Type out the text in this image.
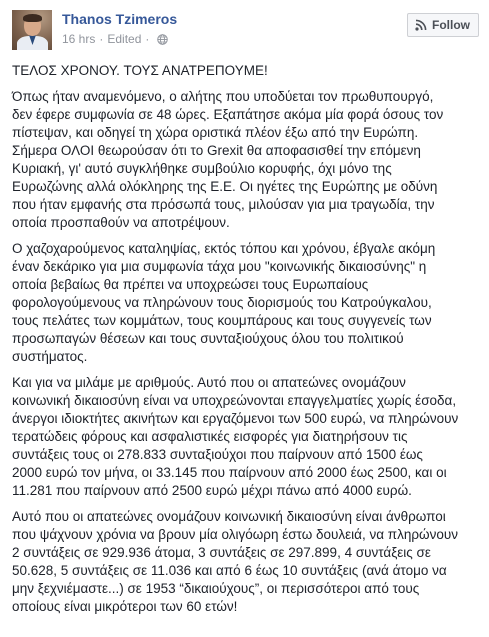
Thanos Tzimeros
16 hrs · Edited ·
Follow

ΤΕΛΟΣ ΧΡΟΝΟΥ. ΤΟΥΣ ΑΝΑΤΡΕΠΟΥΜΕ!

Όπως ήταν αναμενόμενο, ο αλήτης που υποδύεται τον πρωθυπουργό,
δεν έφερε συμφωνία σε 48 ώρες. Εξαπάτησε ακόμα μία φορά όσους τον
πίστεψαν, και οδηγεί τη χώρα οριστικά πλέον έξω από την Ευρώπη.
Σήμερα ΟΛΟΙ θεωρούσαν ότι το Grexit θα αποφασισθεί την επόμενη
Κυριακή, γι' αυτό συγκλήθηκε συμβούλιο κορυφής, όχι μόνο της
Ευρωζώνης αλλά ολόκληρης της Ε.Ε. Οι ηγέτες της Ευρώπης με οδύνη
που ήταν εμφανής στα πρόσωπά τους, μιλούσαν για μια τραγωδία, την
οποία προσπαθούν να αποτρέψουν.

Ο χαζοχαρούμενος καταληψίας, εκτός τόπου και χρόνου, έβγαλε ακόμη
έναν δεκάρικο για μια συμφωνία τάχα μου "κοινωνικής δικαιοσύνης" η
οποία βεβαίως θα πρέπει να υποχρεώσει τους Ευρωπαίους
φορολογούμενους να πληρώνουν τους διορισμούς του Κατρούγκαλου,
τους πελάτες των κομμάτων, τους κουμπάρους και τους συγγενείς των
προσωπαγών θέσεων και τους συνταξιούχους όλου του πολιτικού
συστήματος.

Και για να μιλάμε με αριθμούς. Αυτό που οι απατεώνες ονομάζουν
κοινωνική δικαιοσύνη είναι να υποχρεώνονται επαγγελματίες χωρίς έσοδα,
άνεργοι ιδιοκτήτες ακινήτων και εργαζόμενοι των 500 ευρώ, να πληρώνουν
τερατώδεις φόρους και ασφαλιστικές εισφορές για διατηρήσουν τις
συντάξεις τους οι 278.833 συνταξιούχοι που παίρνουν από 1500 έως
2000 ευρώ τον μήνα, οι 33.145 που παίρνουν από 2000 έως 2500, και οι
11.281 που παίρνουν από 2500 ευρώ μέχρι πάνω από 4000 ευρώ.

Αυτό που οι απατεώνες ονομάζουν κοινωνική δικαιοσύνη είναι άνθρωποι
που ψάχνουν χρόνια να βρουν μία ολιγόωρη έστω δουλειά, να πληρώνουν
2 συντάξεις σε 929.936 άτομα, 3 συντάξεις σε 297.899, 4 συντάξεις σε
50.628, 5 συντάξεις σε 11.036 και από 6 έως 10 συντάξεις (ανά άτομο να
μην ξεχνιέμαστε...) σε 1953 “δικαιούχους”, οι περισσότεροι από τους
οποίους είναι μικρότεροι των 60 ετών!
